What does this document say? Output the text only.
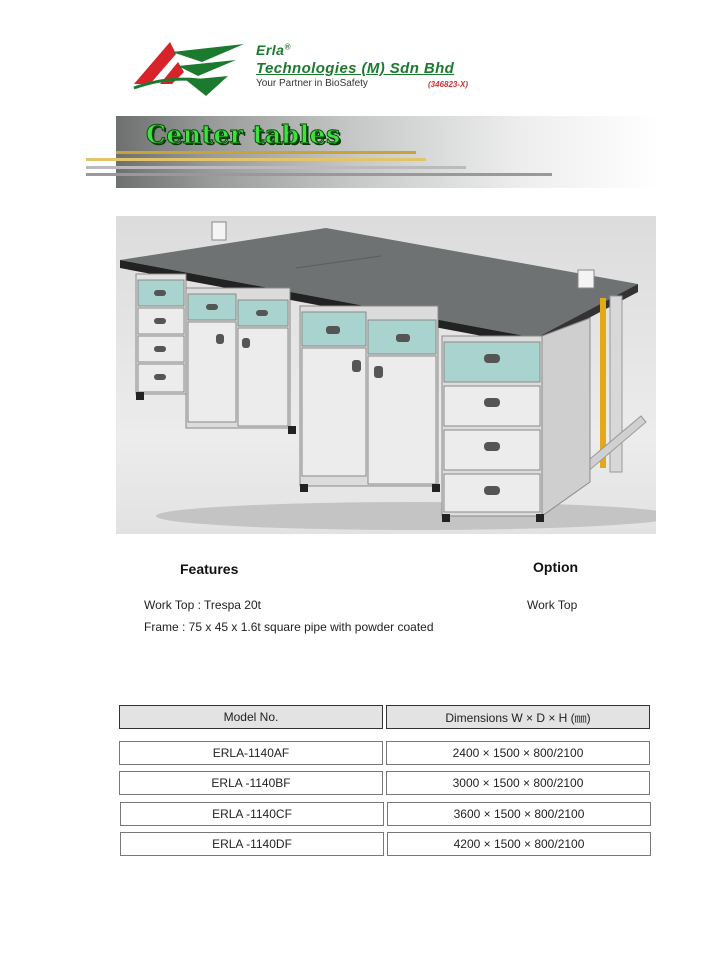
Erla®
Technologies (M) Sdn Bhd
Your Partner in BioSafety	(346823-X)
Center tables
Features	Option
Work Top : Trespa 20t
Frame : 75 x 45 x 1.6t square pipe with powder coated
Work Top
Model No.	Dimensions W × D × H (㎜)
ERLA-1140AF	2400 × 1500 × 800/2100
ERLA -1140BF	3000 × 1500 × 800/2100
ERLA -1140CF	3600 × 1500 × 800/2100
ERLA -1140DF	4200 × 1500 × 800/2100
